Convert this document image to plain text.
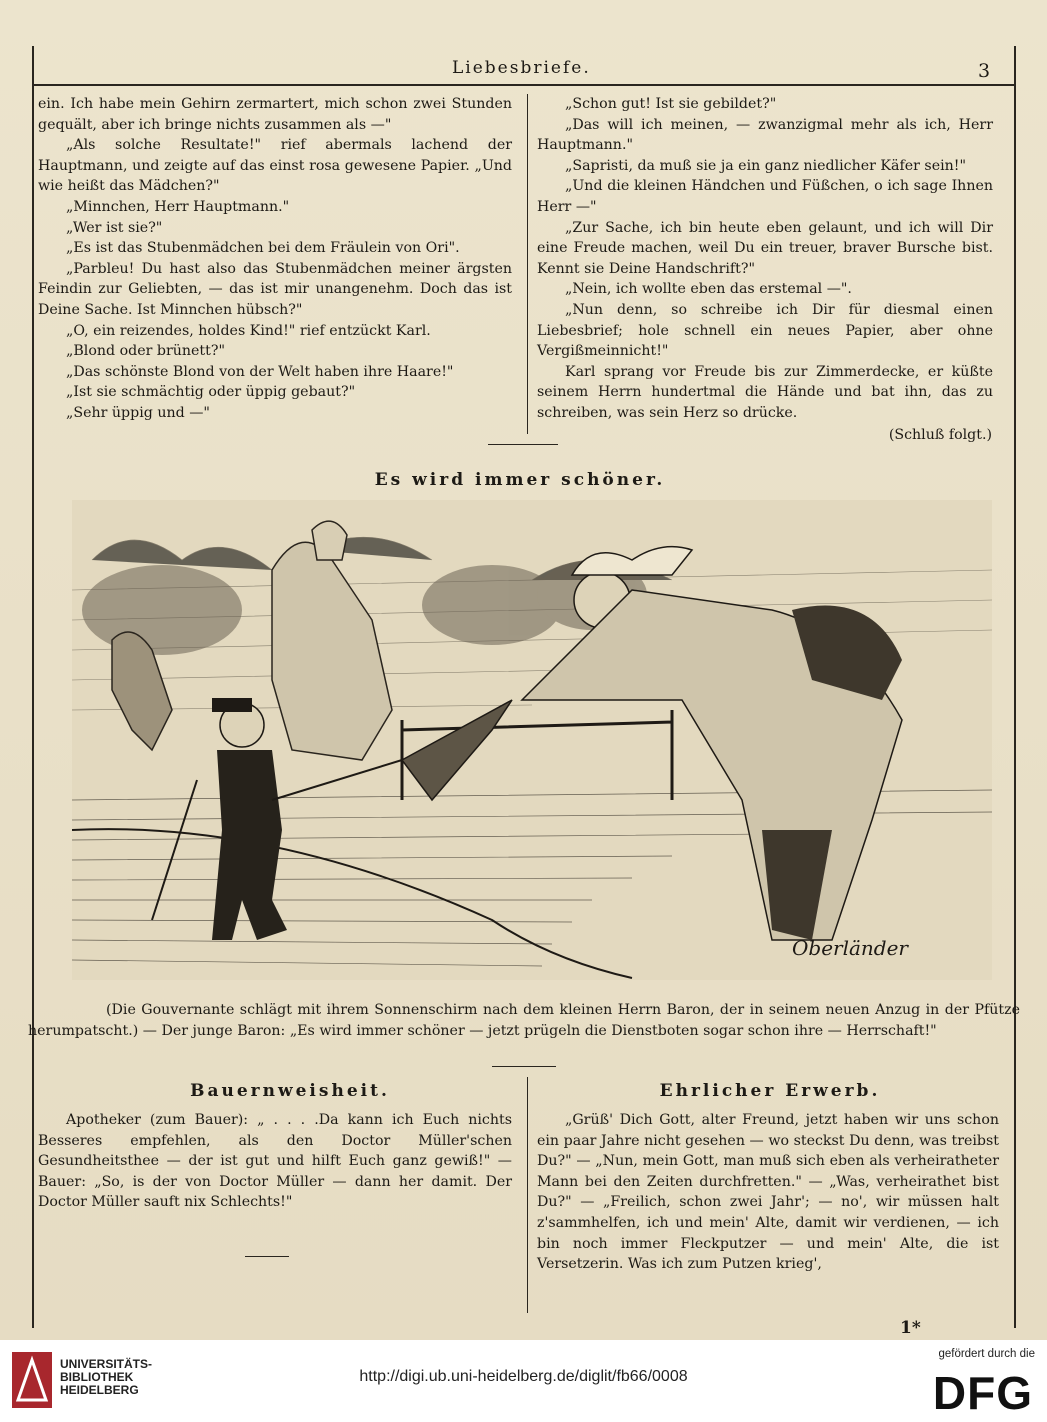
Liebesbriefe.	3

ein. Ich habe mein Gehirn zermartert, mich schon zwei Stunden gequält, aber ich bringe nichts zusammen als —"

„Als solche Resultate!" rief abermals lachend der Hauptmann, und zeigte auf das einst rosa gewesene Papier. „Und wie heißt das Mädchen?"

„Minnchen, Herr Hauptmann."

„Wer ist sie?"

„Es ist das Stubenmädchen bei dem Fräulein von Ori".

„Parbleu! Du hast also das Stubenmädchen meiner ärgsten Feindin zur Geliebten, — das ist mir unangenehm. Doch das ist Deine Sache. Ist Minnchen hübsch?"

„O, ein reizendes, holdes Kind!" rief entzückt Karl.

„Blond oder brünett?"

„Das schönste Blond von der Welt haben ihre Haare!"

„Ist sie schmächtig oder üppig gebaut?"

„Sehr üppig und —"

„Schon gut! Ist sie gebildet?"

„Das will ich meinen, — zwanzigmal mehr als ich, Herr Hauptmann."

„Sapristi, da muß sie ja ein ganz niedlicher Käfer sein!"

„Und die kleinen Händchen und Füßchen, o ich sage Ihnen Herr —"

„Zur Sache, ich bin heute eben gelaunt, und ich will Dir eine Freude machen, weil Du ein treuer, braver Bursche bist. Kennt sie Deine Handschrift?"

„Nein, ich wollte eben das erstemal —".

„Nun denn, so schreibe ich Dir für diesmal einen Liebesbrief; hole schnell ein neues Papier, aber ohne Vergißmeinnicht!"

Karl sprang vor Freude bis zur Zimmerdecke, er küßte seinem Herrn hundertmal die Hände und bat ihn, das zu schreiben, was sein Herz so drücke.

(Schluß folgt.)
Es wird immer schöner.
Oberländer

(Die Gouvernante schlägt mit ihrem Sonnenschirm nach dem kleinen Herrn Baron, der in seinem neuen Anzug in der Pfütze herumpatscht.) — Der junge Baron: „Es wird immer schöner — jetzt prügeln die Dienstboten sogar schon ihre — Herrschaft!"

Bauernweisheit.

Apotheker (zum Bauer): „ . . . .Da kann ich Euch nichts Besseres empfehlen, als den Doctor Müller'schen Gesundheitsthee — der ist gut und hilft Euch ganz gewiß!" — Bauer: „So, is der von Doctor Müller — dann her damit. Der Doctor Müller sauft nix Schlechts!"

Ehrlicher Erwerb.

„Grüß' Dich Gott, alter Freund, jetzt haben wir uns schon ein paar Jahre nicht gesehen — wo steckst Du denn, was treibst Du?" — „Nun, mein Gott, man muß sich eben als verheiratheter Mann bei den Zeiten durchfretten." — „Was, verheirathet bist Du?" — „Freilich, schon zwei Jahr'; — no', wir müssen halt z'sammhelfen, ich und mein' Alte, damit wir verdienen, — ich bin noch immer Fleckputzer — und mein' Alte, die ist Versetzerin. Was ich zum Putzen krieg',

1*
UNIVERSITÄTS-
BIBLIOTHEK
HEIDELBERG
http://digi.ub.uni-heidelberg.de/diglit/fb66/0008
gefördert durch die
DFG
